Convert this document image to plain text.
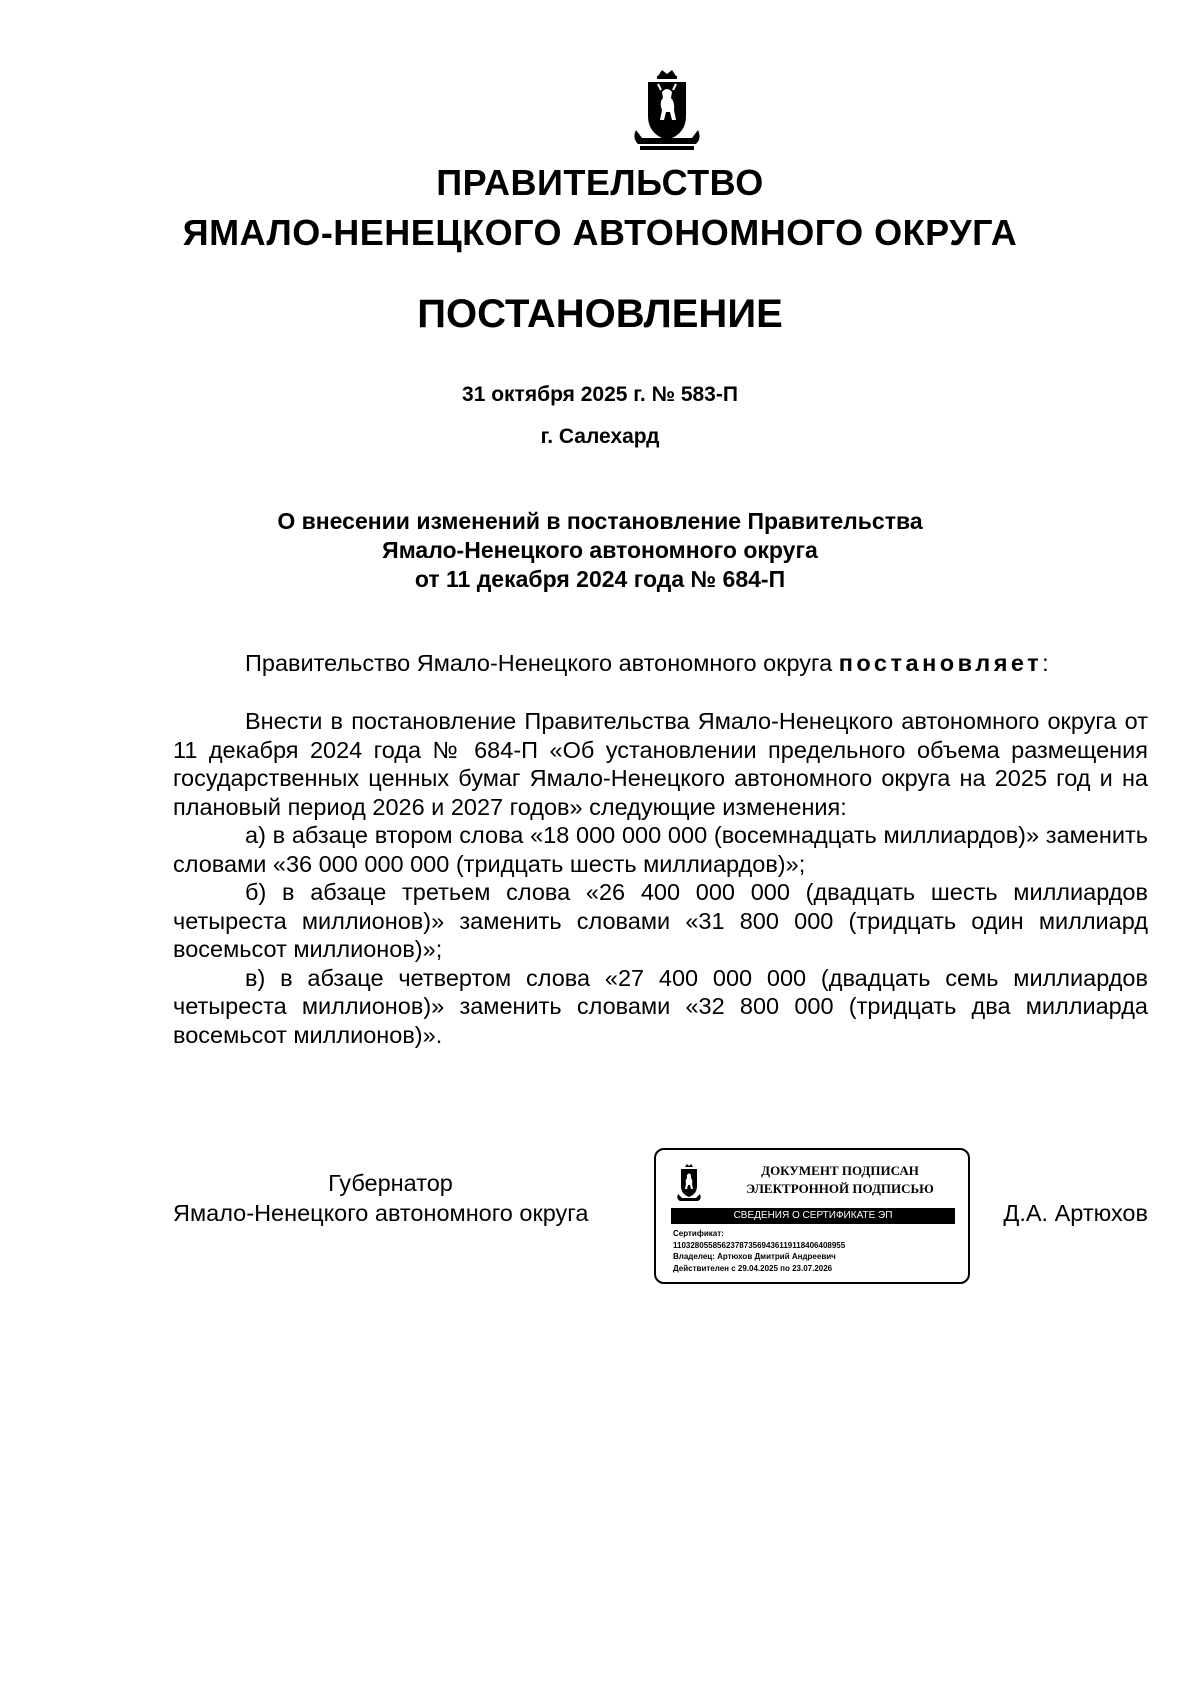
ПРАВИТЕЛЬСТВО
ЯМАЛО-НЕНЕЦКОГО АВТОНОМНОГО ОКРУГА
ПОСТАНОВЛЕНИЕ
31 октября 2025 г. № 583-П
г. Салехард
О внесении изменений в постановление Правительства
Ямало-Ненецкого автономного округа
от 11 декабря 2024 года № 684-П

Правительство Ямало-Ненецкого автономного округа постановляет:

Внести в постановление Правительства Ямало-Ненецкого автономного округа от 11 декабря 2024 года № 684-П «Об установлении предельного объема размещения государственных ценных бумаг Ямало-Ненецкого автономного округа на 2025 год и на плановый период 2026 и 2027 годов» следующие изменения:

а) в абзаце втором слова «18 000 000 000 (восемнадцать миллиардов)» заменить словами «36 000 000 000 (тридцать шесть миллиардов)»;

б) в абзаце третьем слова «26 400 000 000 (двадцать шесть миллиардов четыреста миллионов)» заменить словами «31 800 000 (тридцать один миллиард восемьсот миллионов)»;

в) в абзаце четвертом слова «27 400 000 000 (двадцать семь миллиардов четыреста миллионов)» заменить словами «32 800 000 (тридцать два миллиарда восемьсот миллионов)».

Губернатор
Ямало-Ненецкого автономного округа
ДОКУМЕНТ ПОДПИСАН
ЭЛЕКТРОННОЙ ПОДПИСЬЮ
СВЕДЕНИЯ О СЕРТИФИКАТЕ ЭП
Сертификат:
11032805585623787356943611911840640895​5
Владелец: Артюхов Дмитрий Андреевич
Действителен с 29.04.2025 по 23.07.2026
Д.А. Артюхов
